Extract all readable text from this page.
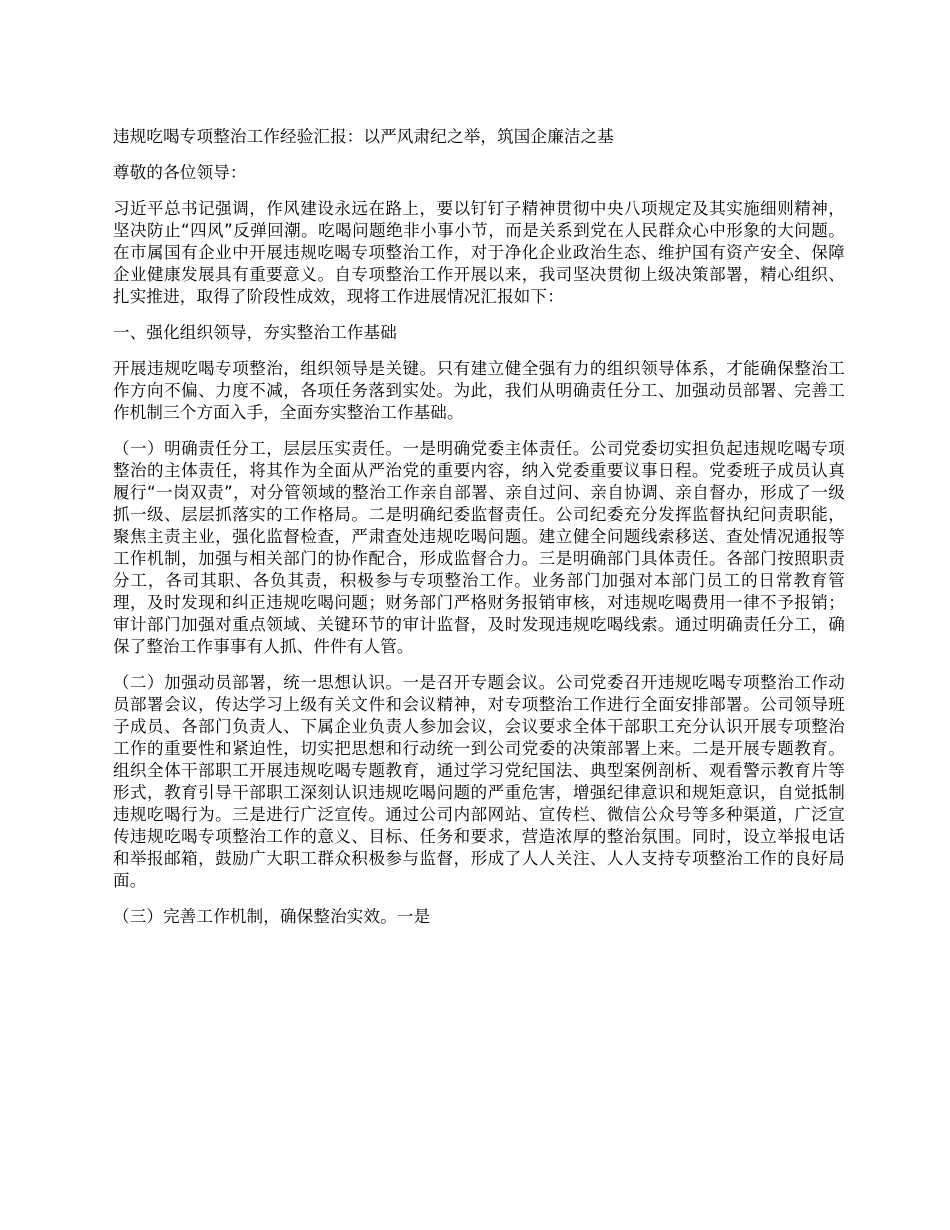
违规吃喝专项整治工作经验汇报：以严风肃纪之举，筑国企廉洁之基

尊敬的各位领导：

习近平总书记强调，作风建设永远在路上，要以钉钉子精神贯彻中央八项规定及其实施细则精神，坚决防止“四风”反弹回潮。吃喝问题绝非小事小节，而是关系到党在人民群众心中形象的大问题。在市属国有企业中开展违规吃喝专项整治工作，对于净化企业政治生态、维护国有资产安全、保障企业健康发展具有重要意义。自专项整治工作开展以来，我司坚决贯彻上级决策部署，精心组织、扎实推进，取得了阶段性成效，现将工作进展情况汇报如下：

一、强化组织领导，夯实整治工作基础

开展违规吃喝专项整治，组织领导是关键。只有建立健全强有力的组织领导体系，才能确保整治工作方向不偏、力度不减，各项任务落到实处。为此，我们从明确责任分工、加强动员部署、完善工作机制三个方面入手，全面夯实整治工作基础。

（一）明确责任分工，层层压实责任。一是明确党委主体责任。公司党委切实担负起违规吃喝专项整治的主体责任，将其作为全面从严治党的重要内容，纳入党委重要议事日程。党委班子成员认真履行“一岗双责”，对分管领域的整治工作亲自部署、亲自过问、亲自协调、亲自督办，形成了一级抓一级、层层抓落实的工作格局。二是明确纪委监督责任。公司纪委充分发挥监督执纪问责职能，聚焦主责主业，强化监督检查，严肃查处违规吃喝问题。建立健全问题线索移送、查处情况通报等工作机制，加强与相关部门的协作配合，形成监督合力。三是明确部门具体责任。各部门按照职责分工，各司其职、各负其责，积极参与专项整治工作。业务部门加强对本部门员工的日常教育管理，及时发现和纠正违规吃喝问题；财务部门严格财务报销审核，对违规吃喝费用一律不予报销；审计部门加强对重点领域、关键环节的审计监督，及时发现违规吃喝线索。通过明确责任分工，确保了整治工作事事有人抓、件件有人管。

（二）加强动员部署，统一思想认识。一是召开专题会议。公司党委召开违规吃喝专项整治工作动员部署会议，传达学习上级有关文件和会议精神，对专项整治工作进行全面安排部署。公司领导班子成员、各部门负责人、下属企业负责人参加会议，会议要求全体干部职工充分认识开展专项整治工作的重要性和紧迫性，切实把思想和行动统一到公司党委的决策部署上来。二是开展专题教育。组织全体干部职工开展违规吃喝专题教育，通过学习党纪国法、典型案例剖析、观看警示教育片等形式，教育引导干部职工深刻认识违规吃喝问题的严重危害，增强纪律意识和规矩意识，自觉抵制违规吃喝行为。三是进行广泛宣传。通过公司内部网站、宣传栏、微信公众号等多种渠道，广泛宣传违规吃喝专项整治工作的意义、目标、任务和要求，营造浓厚的整治氛围。同时，设立举报电话和举报邮箱，鼓励广大职工群众积极参与监督，形成了人人关注、人人支持专项整治工作的良好局面。

（三）完善工作机制，确保整治实效。一是
